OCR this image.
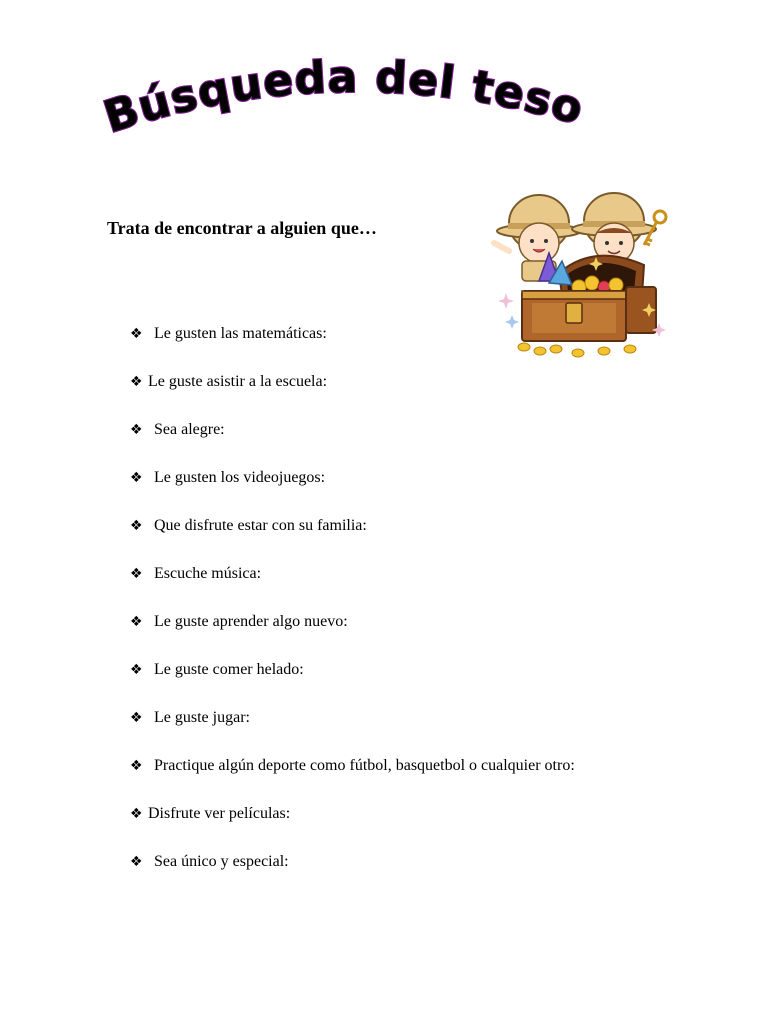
Búsqueda del tesoro
Trata de encontrar a alguien que…
❖ Le gusten las matemáticas:
❖ Le guste asistir a la escuela:
❖ Sea alegre:
❖ Le gusten los videojuegos:
❖ Que disfrute estar con su familia:
❖ Escuche música:
❖ Le guste aprender algo nuevo:
❖ Le guste comer helado:
❖ Le guste jugar:
❖ Practique algún deporte como fútbol, basquetbol o cualquier otro:
❖ Disfrute ver películas:
❖ Sea único y especial:
